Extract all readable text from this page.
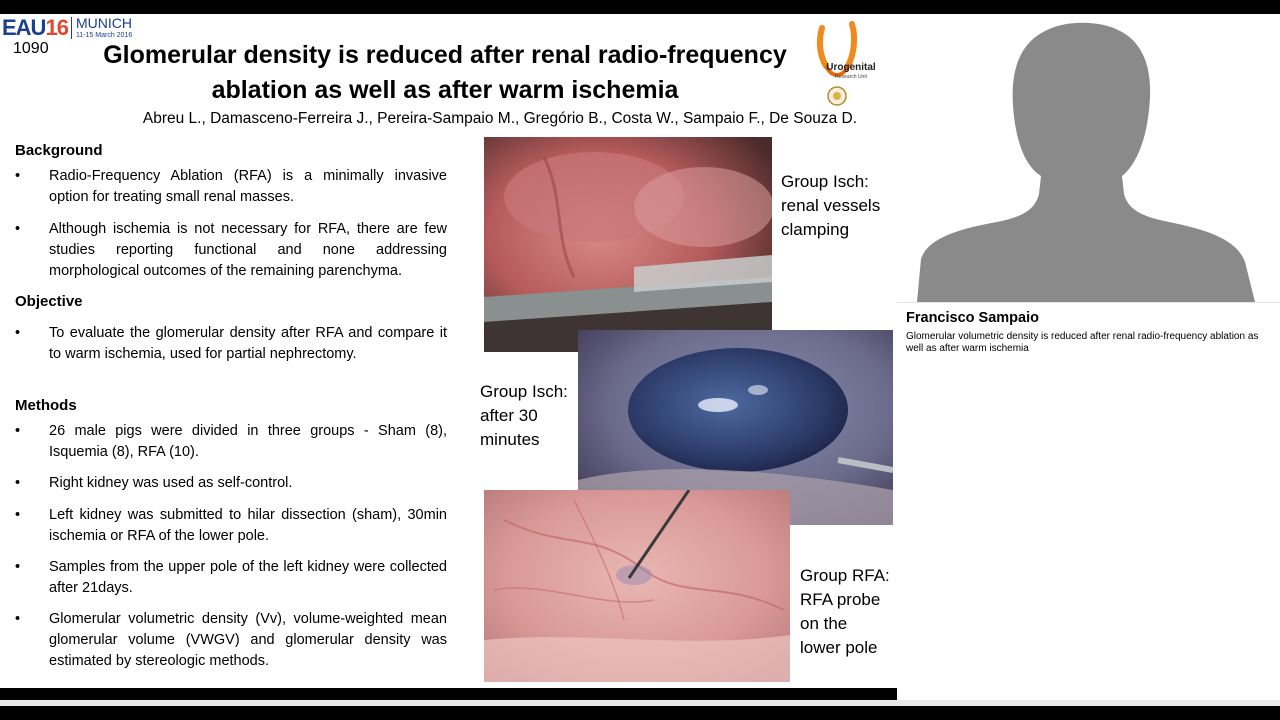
EAU16 MUNICH
11-15 March 2016
1090	Glomerular density is reduced after renal radio-frequency
ablation as well as after warm ischemia
Urogenital
Research Unit
Abreu L., Damasceno-Ferreira J., Pereira-Sampaio M., Gregório B., Costa W., Sampaio F., De Souza D.
Background
• Radio-Frequency Ablation (RFA) is a minimally invasive option for treating small renal masses.
• Although ischemia is not necessary for RFA, there are few studies reporting functional and none addressing morphological outcomes of the remaining parenchyma.
Objective
• To evaluate the glomerular density after RFA and compare it to warm ischemia, used for partial nephrectomy.
Methods
• 26 male pigs were divided in three groups - Sham (8), Isquemia (8), RFA (10).
• Right kidney was used as self-control.
• Left kidney was submitted to hilar dissection (sham), 30min ischemia or RFA of the lower pole.
• Samples from the upper pole of the left kidney were collected after 21days.
• Glomerular volumetric density (Vv), volume-weighted mean glomerular volume (VWGV) and glomerular density was estimated by stereologic methods.
Group Isch:
renal vessels
clamping
Group Isch:
after 30
minutes
Group RFA:
RFA probe
on the
lower pole
Francisco Sampaio
Glomerular volumetric density is reduced after renal radio-frequency ablation as well as after warm ischemia
